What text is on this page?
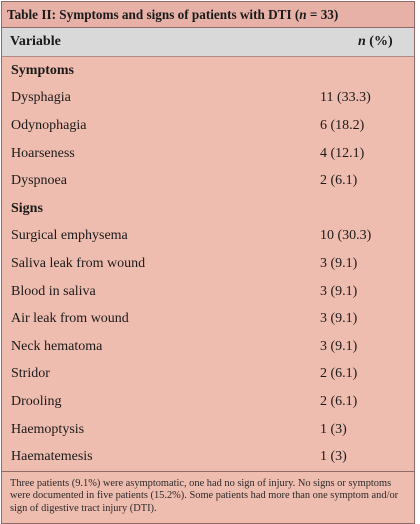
Table II: Symptoms and signs of patients with DTI (n = 33)
Variable	n (%)
Symptoms
Dysphagia	11 (33.3)
Odynophagia	6 (18.2)
Hoarseness	4 (12.1)
Dyspnoea	2 (6.1)
Signs
Surgical emphysema	10 (30.3)
Saliva leak from wound	3 (9.1)
Blood in saliva	3 (9.1)
Air leak from wound	3 (9.1)
Neck hematoma	3 (9.1)
Stridor	2 (6.1)
Drooling	2 (6.1)
Haemoptysis	1 (3)
Haematemesis	1 (3)
Three patients (9.1%) were asymptomatic, one had no sign of injury. No signs or symptoms were documented in five patients (15.2%). Some patients had more than one symptom and/or sign of digestive tract injury (DTI).
